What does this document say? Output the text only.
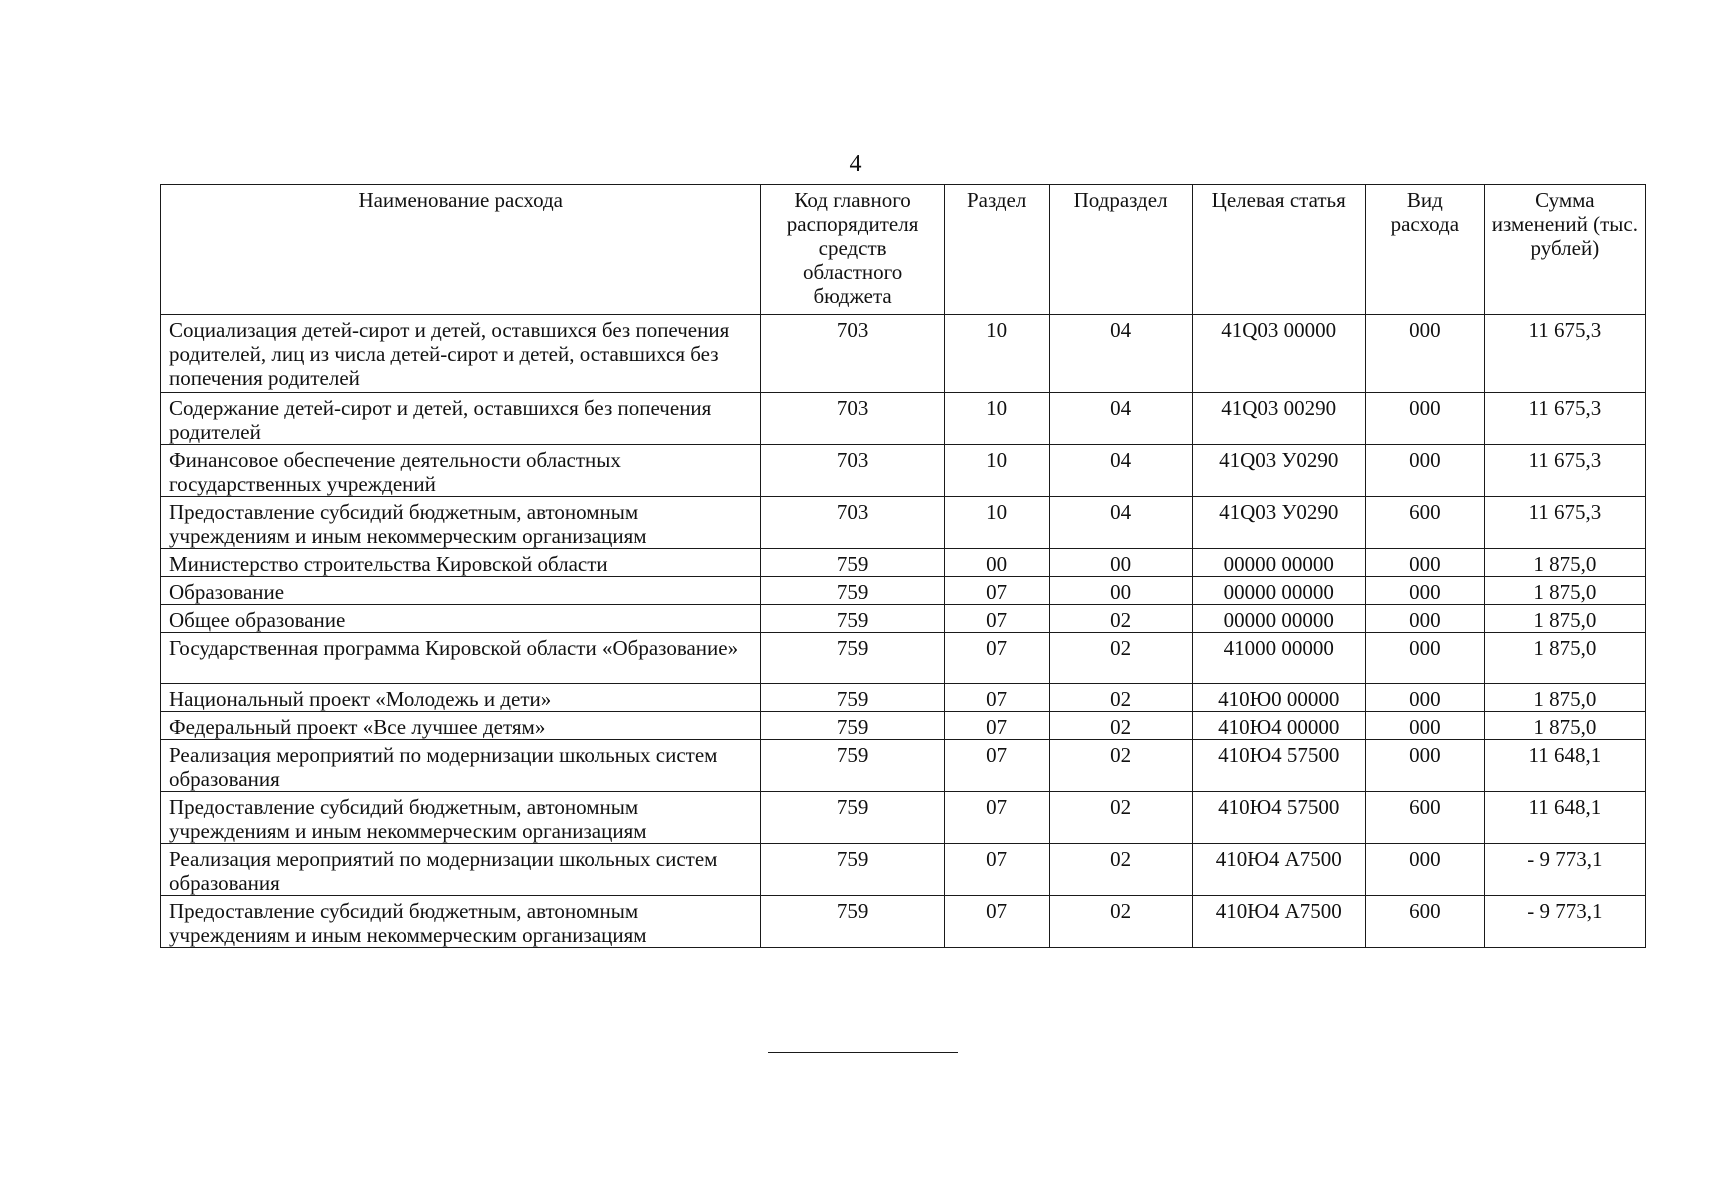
4
Наименование расхода	Код главного распорядителя средств областного бюджета	Раздел	Подраздел	Целевая статья	Вид расхода	Сумма изменений (тыс. рублей)
Социализация детей-сирот и детей, оставшихся без попечения родителей, лиц из числа детей-сирот и детей, оставшихся без попечения родителей	703	10	04	41Q03 00000	000	11 675,3
Содержание детей-сирот и детей, оставшихся без попечения родителей	703	10	04	41Q03 00290	000	11 675,3
Финансовое обеспечение деятельности областных государственных учреждений	703	10	04	41Q03 У0290	000	11 675,3
Предоставление субсидий бюджетным, автономным учреждениям и иным некоммерческим организациям	703	10	04	41Q03 У0290	600	11 675,3
Министерство строительства Кировской области	759	00	00	00000 00000	000	1 875,0
Образование	759	07	00	00000 00000	000	1 875,0
Общее образование	759	07	02	00000 00000	000	1 875,0
Государственная программа Кировской области «Образование»	759	07	02	41000 00000	000	1 875,0
Национальный проект «Молодежь и дети»	759	07	02	410Ю0 00000	000	1 875,0
Федеральный проект «Все лучшее детям»	759	07	02	410Ю4 00000	000	1 875,0
Реализация мероприятий по модернизации школьных систем образования	759	07	02	410Ю4 57500	000	11 648,1
Предоставление субсидий бюджетным, автономным учреждениям и иным некоммерческим организациям	759	07	02	410Ю4 57500	600	11 648,1
Реализация мероприятий по модернизации школьных систем образования	759	07	02	410Ю4 А7500	000	- 9 773,1
Предоставление субсидий бюджетным, автономным учреждениям и иным некоммерческим организациям	759	07	02	410Ю4 А7500	600	- 9 773,1
